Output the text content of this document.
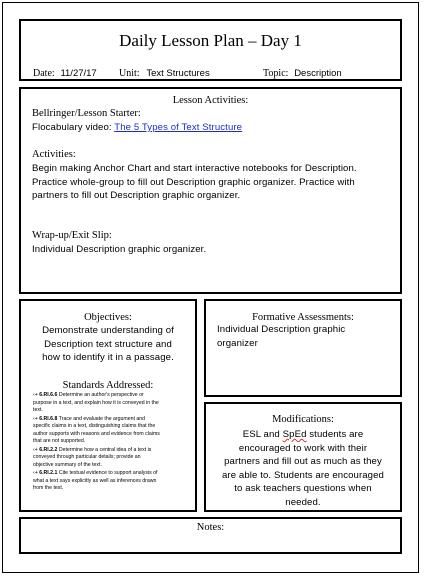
Daily Lesson Plan – Day 1
Date: 11/27/17 Unit: Text Structures	Topic: Description
Lesson Activities:
Bellringer/Lesson Starter:
Flocabulary video: The 5 Types of Text Structure
Activities:
Begin making Anchor Chart and start interactive notebooks for Description.
Practice whole-group to fill out Description graphic organizer. Practice with
partners to fill out Description graphic organizer.
Wrap-up/Exit Slip:
Individual Description graphic organizer.
Objectives:
Demonstrate understanding of
Description text structure and
how to identify it in a passage.
Standards Addressed:
‹+ 6.RI.6.6 Determine an author's perspective or purpose in a text, and explain how it is conveyed in the text.
‹+ 6.RI.6.8 Trace and evaluate the argument and specific claims in a text, distinguishing claims that the author supports with reasons and evidence from claims that are not supported.
‹+ 6.RI.2.2 Determine how a central idea of a text is conveyed through particular details; provide an objective summary of the text.
‹+ 6.RI.2.1 Cite textual evidence to support analysis of what a text says explicitly as well as inferences drawn from the text.
Formative Assessments:
Individual Description graphic
organizer
Modifications:
ESL and SpEd students are
encouraged to work with their
partners and fill out as much as they
are able to. Students are encouraged
to ask teachers questions when
needed.
Notes:
